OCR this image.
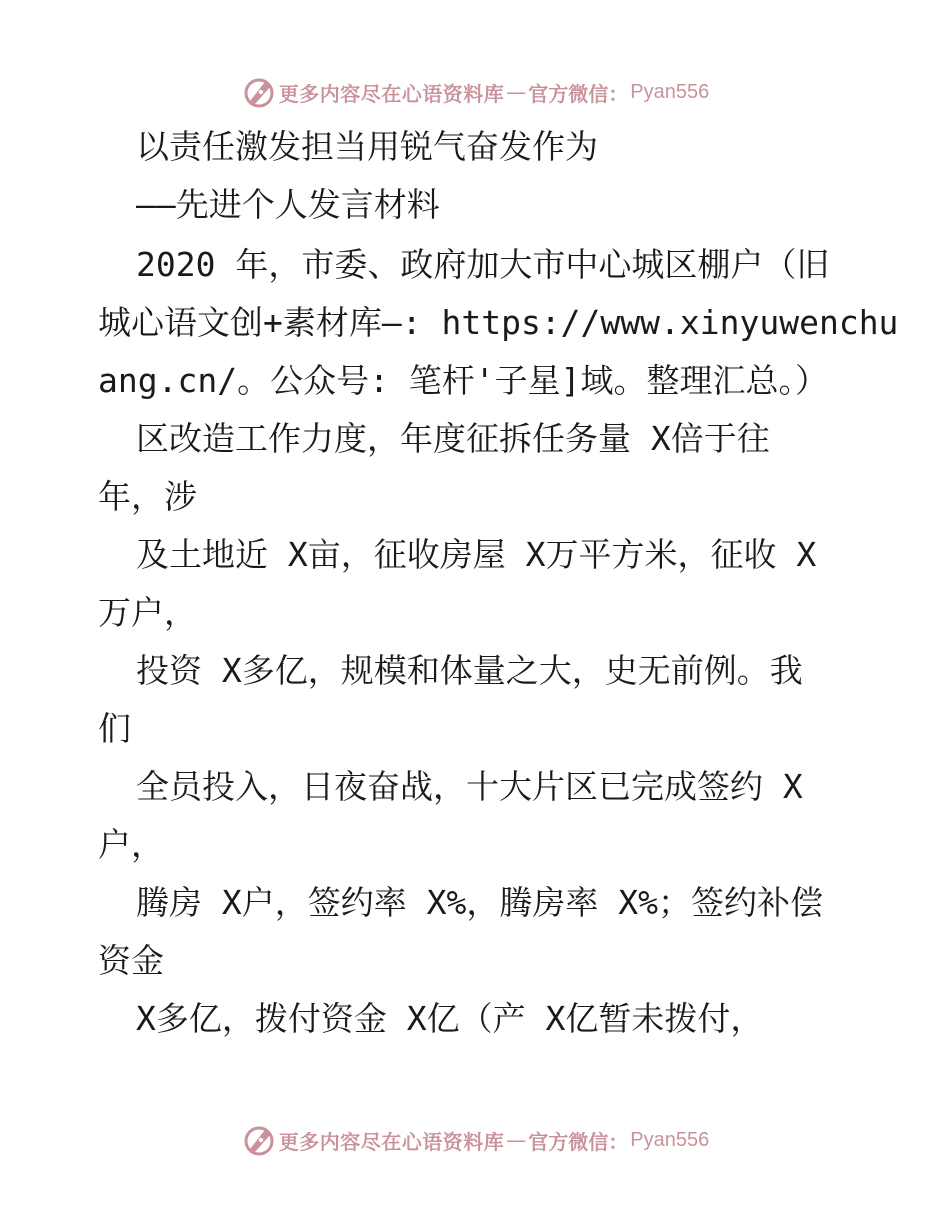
更多内容尽在心语资料库 — 官方微信： Pyan556
以责任激发担当用锐气奋发作为
——先进个人发言材料
2020 年，市委、政府加大市中心城区棚户（旧
城心语文创+素材库—: https://www.xinyuwenchu
ang.cn/。公众号: 笔杆'子星]域。整理汇总。）
区改造工作力度，年度征拆任务量 X倍于往
年，涉
及土地近 X亩，征收房屋 X万平方米，征收 X
万户，
投资 X多亿，规模和体量之大，史无前例。我
们
全员投入，日夜奋战，十大片区已完成签约 X
户，
腾房 X户，签约率 X%，腾房率 X%；签约补偿
资金
X多亿，拨付资金 X亿（产 X亿暂未拨付，
更多内容尽在心语资料库 — 官方微信： Pyan556
